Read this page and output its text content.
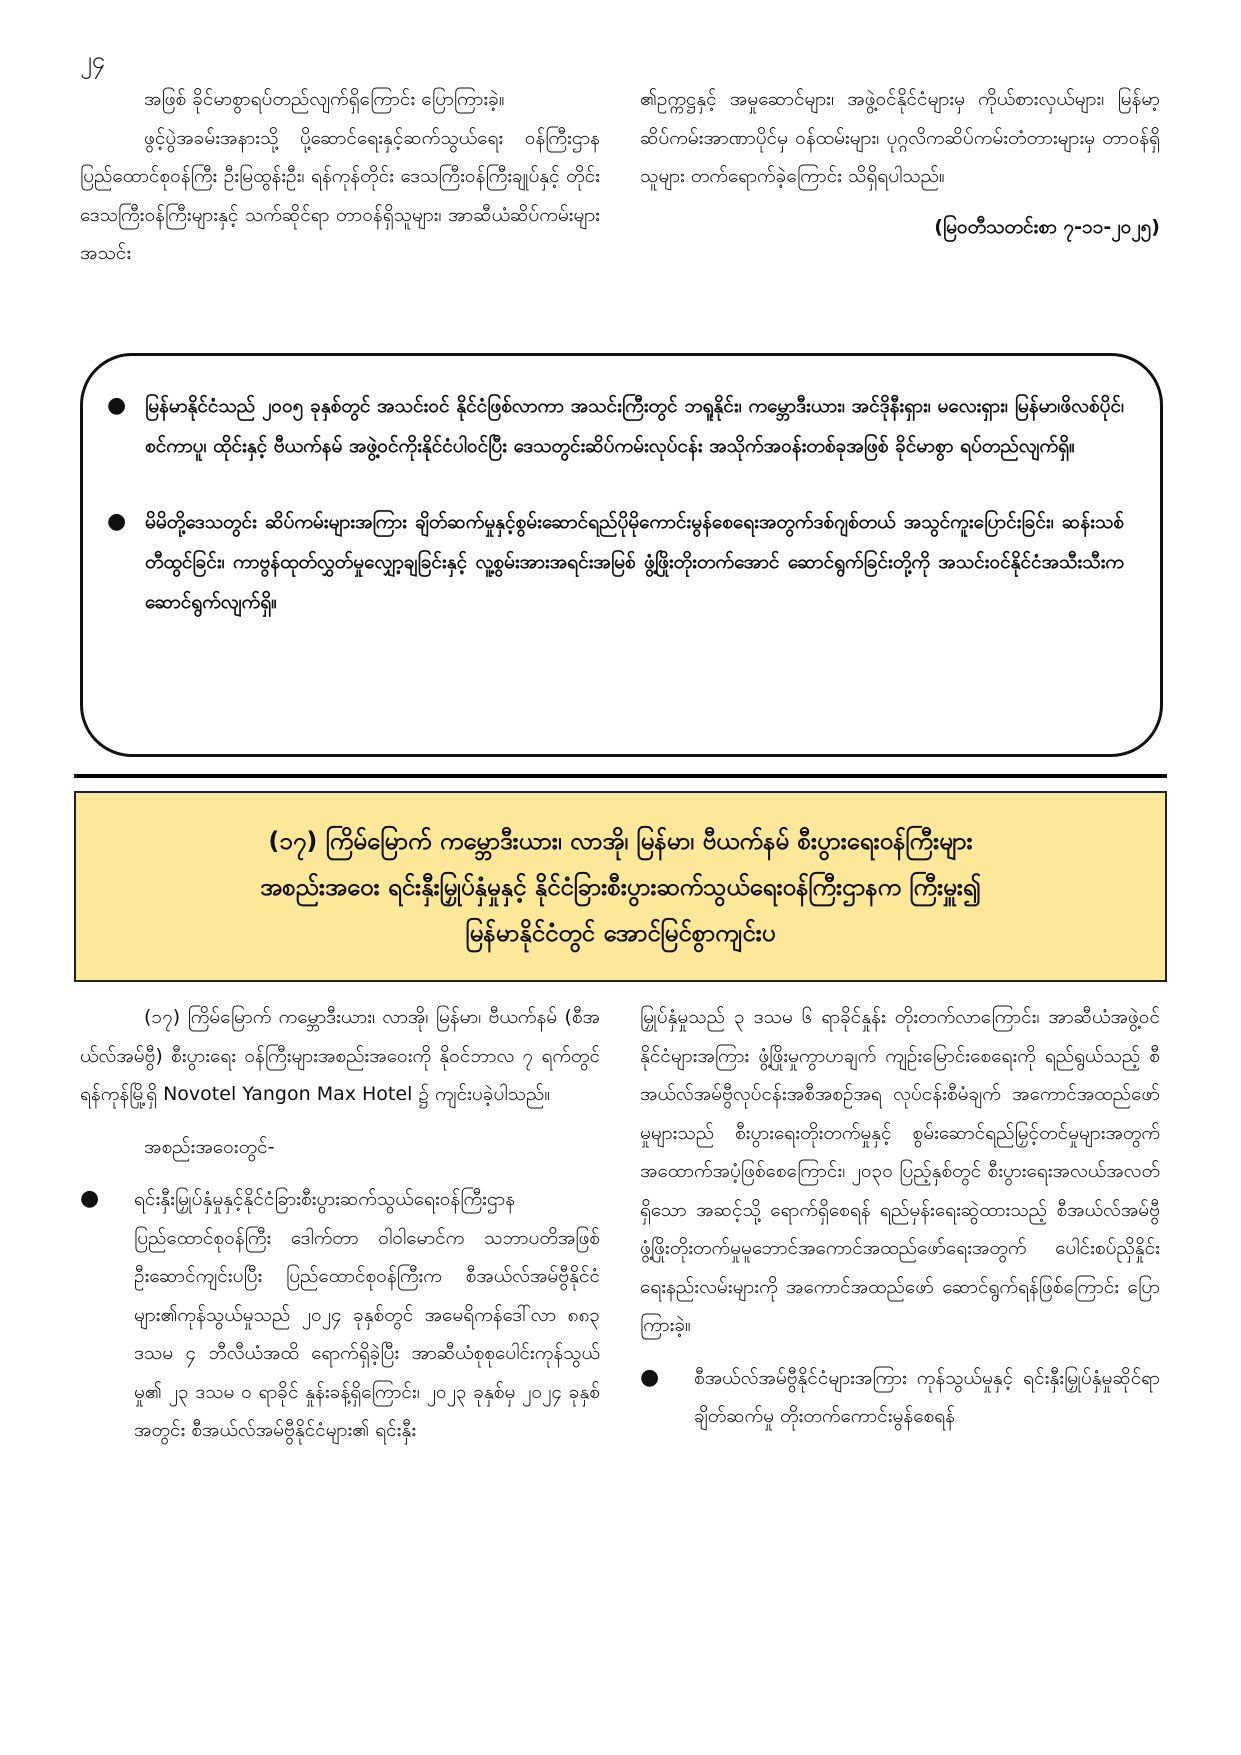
၂၄

အဖြစ် ခိုင်မာစွာရပ်တည်လျက်ရှိကြောင်း ပြောကြားခဲ့။

ဖွင့်ပွဲအခမ်းအနားသို့ ပို့ဆောင်ရေးနှင့်ဆက်သွယ်ရေး ဝန်ကြီးဌာန ပြည်ထောင်စုဝန်ကြီး ဦးမြထွန်းဦး၊ ရန်ကုန်တိုင်း ဒေသကြီးဝန်ကြီးချုပ်နှင့် တိုင်းဒေသကြီးဝန်ကြီးများနှင့် သက်ဆိုင်ရာ တာဝန်ရှိသူများ၊ အာဆီယံဆိပ်ကမ်းများအသင်း

၏ဥက္ကဋ္ဌနှင့် အမှုဆောင်များ၊ အဖွဲ့ဝင်နိုင်ငံများမှ ကိုယ်စားလှယ်များ၊ မြန်မာ့ဆိပ်ကမ်းအာဏာပိုင်မှ ဝန်ထမ်းများ၊ ပုဂ္ဂလိကဆိပ်ကမ်းတံတားများမှ တာဝန်ရှိသူများ တက်ရောက်ခဲ့ကြောင်း သိရှိရပါသည်။

(မြဝတီသတင်းစာ ၇-၁၁-၂၀၂၅)

● မြန်မာနိုင်ငံသည် ၂၀၀၅ ခုနှစ်တွင် အသင်းဝင် နိုင်ငံဖြစ်လာကာ အသင်းကြီးတွင် ဘရူနိုင်း၊ ကမ္ဘောဒီးယား၊ အင်ဒိုနီးရှား၊ မလေးရှား၊ မြန်မာ၊ဖိလစ်ပိုင်၊ စင်ကာပူ၊ ထိုင်းနှင့် ဗီယက်နမ် အဖွဲ့ဝင်ကိုးနိုင်ငံပါဝင်ပြီး ဒေသတွင်းဆိပ်ကမ်းလုပ်ငန်း အသိုက်အဝန်းတစ်ခုအဖြစ် ခိုင်မာစွာ ရပ်တည်လျက်ရှိ။
● မိမိတို့ဒေသတွင်း ဆိပ်ကမ်းများအကြား ချိတ်ဆက်မှုနှင့်စွမ်းဆောင်ရည်ပိုမိုကောင်းမွန်စေရေးအတွက်ဒစ်ဂျစ်တယ် အသွင်ကူးပြောင်းခြင်း၊ ဆန်းသစ်တီထွင်ခြင်း၊ ကာဗွန်ထုတ်လွှတ်မှုလျှော့ချခြင်းနှင့် လူ့စွမ်းအားအရင်းအမြစ် ဖွံ့ဖြိုးတိုးတက်အောင် ဆောင်ရွက်ခြင်းတို့ကို အသင်းဝင်နိုင်ငံအသီးသီးက ဆောင်ရွက်လျက်ရှိ။
(၁၇) ကြိမ်မြောက် ကမ္ဘောဒီးယား၊ လာအို၊ မြန်မာ၊ ဗီယက်နမ် စီးပွားရေးဝန်ကြီးများ
အစည်းအဝေး ရင်းနှီးမြှုပ်နှံမှုနှင့် နိုင်ငံခြားစီးပွားဆက်သွယ်ရေးဝန်ကြီးဌာနက ကြီးမှူး၍
မြန်မာနိုင်ငံတွင် အောင်မြင်စွာကျင်းပ

(၁၇) ကြိမ်မြောက် ကမ္ဘောဒီးယား၊ လာအို၊ မြန်မာ၊ ဗီယက်နမ် (စီအယ်လ်အမ်ဗွီ) စီးပွားရေး ဝန်ကြီးများအစည်းအဝေးကို နိုဝင်ဘာလ ၇ ရက်တွင် ရန်ကုန်မြို့ရှိ Novotel Yangon Max Hotel ၌ ကျင်းပခဲ့ပါသည်။

အစည်းအဝေးတွင်-

● ရင်းနှီးမြှုပ်နှံမှုနှင့်နိုင်ငံခြားစီးပွားဆက်သွယ်ရေးဝန်ကြီးဌာန ပြည်ထောင်စုဝန်ကြီး ဒေါက်တာ ဝါဝါမောင်က သဘာပတိအဖြစ် ဦးဆောင်ကျင်းပပြီး ပြည်ထောင်စုဝန်ကြီးက စီအယ်လ်အမ်ဗွီနိုင်ငံများ၏ကုန်သွယ်မှုသည် ၂၀၂၄ ခုနှစ်တွင် အမေရိကန်ဒေါ်လာ ၈၈၃ ဒသမ ၄ ဘီလီယံအထိ ရောက်ရှိခဲ့ပြီး အာဆီယံစုစုပေါင်းကုန်သွယ်မှု၏ ၂၃ ဒသမ ၀ ရာခိုင် နှုန်းခန့်ရှိကြောင်း၊ ၂၀၂၃ ခုနှစ်မှ ၂၀၂၄ ခုနှစ်အတွင်း စီအယ်လ်အမ်ဗွီနိုင်ငံများ၏ ရင်းနှီး

မြှုပ်နှံမှုသည် ၃ ဒသမ ၆ ရာခိုင်နှုန်း တိုးတက်လာကြောင်း၊ အာဆီယံအဖွဲ့ဝင်နိုင်ငံများအကြား ဖွံ့ဖြိုးမှုကွာဟချက် ကျဉ်းမြောင်းစေရေးကို ရည်ရွယ်သည့် စီအယ်လ်အမ်ဗွီလုပ်ငန်းအစီအစဉ်အရ လုပ်ငန်းစီမံချက် အကောင်အထည်ဖော်မှုများသည် စီးပွားရေးတိုးတက်မှုနှင့် စွမ်းဆောင်ရည်မြှင့်တင်မှုများအတွက် အထောက်အပံ့ဖြစ်စေကြောင်း၊ ၂၀၃၀ ပြည့်နှစ်တွင် စီးပွားရေးအလယ်အလတ်ရှိသော အဆင့်သို့ ရောက်ရှိစေရန် ရည်မှန်းရေးဆွဲထားသည့် စီအယ်လ်အမ်ဗွီဖွံ့ဖြိုးတိုးတက်မှုမူဘောင်အကောင်အထည်ဖော်ရေးအတွက် ပေါင်းစပ်ညှိနှိုင်းရေးနည်းလမ်းများကို အကောင်အထည်ဖော် ဆောင်ရွက်ရန်ဖြစ်ကြောင်း ပြောကြားခဲ့။

● စီအယ်လ်အမ်ဗွီနိုင်ငံများအကြား ကုန်သွယ်မှုနှင့် ရင်းနှီးမြှုပ်နှံမှုဆိုင်ရာချိတ်ဆက်မှု တိုးတက်ကောင်းမွန်စေရန်
